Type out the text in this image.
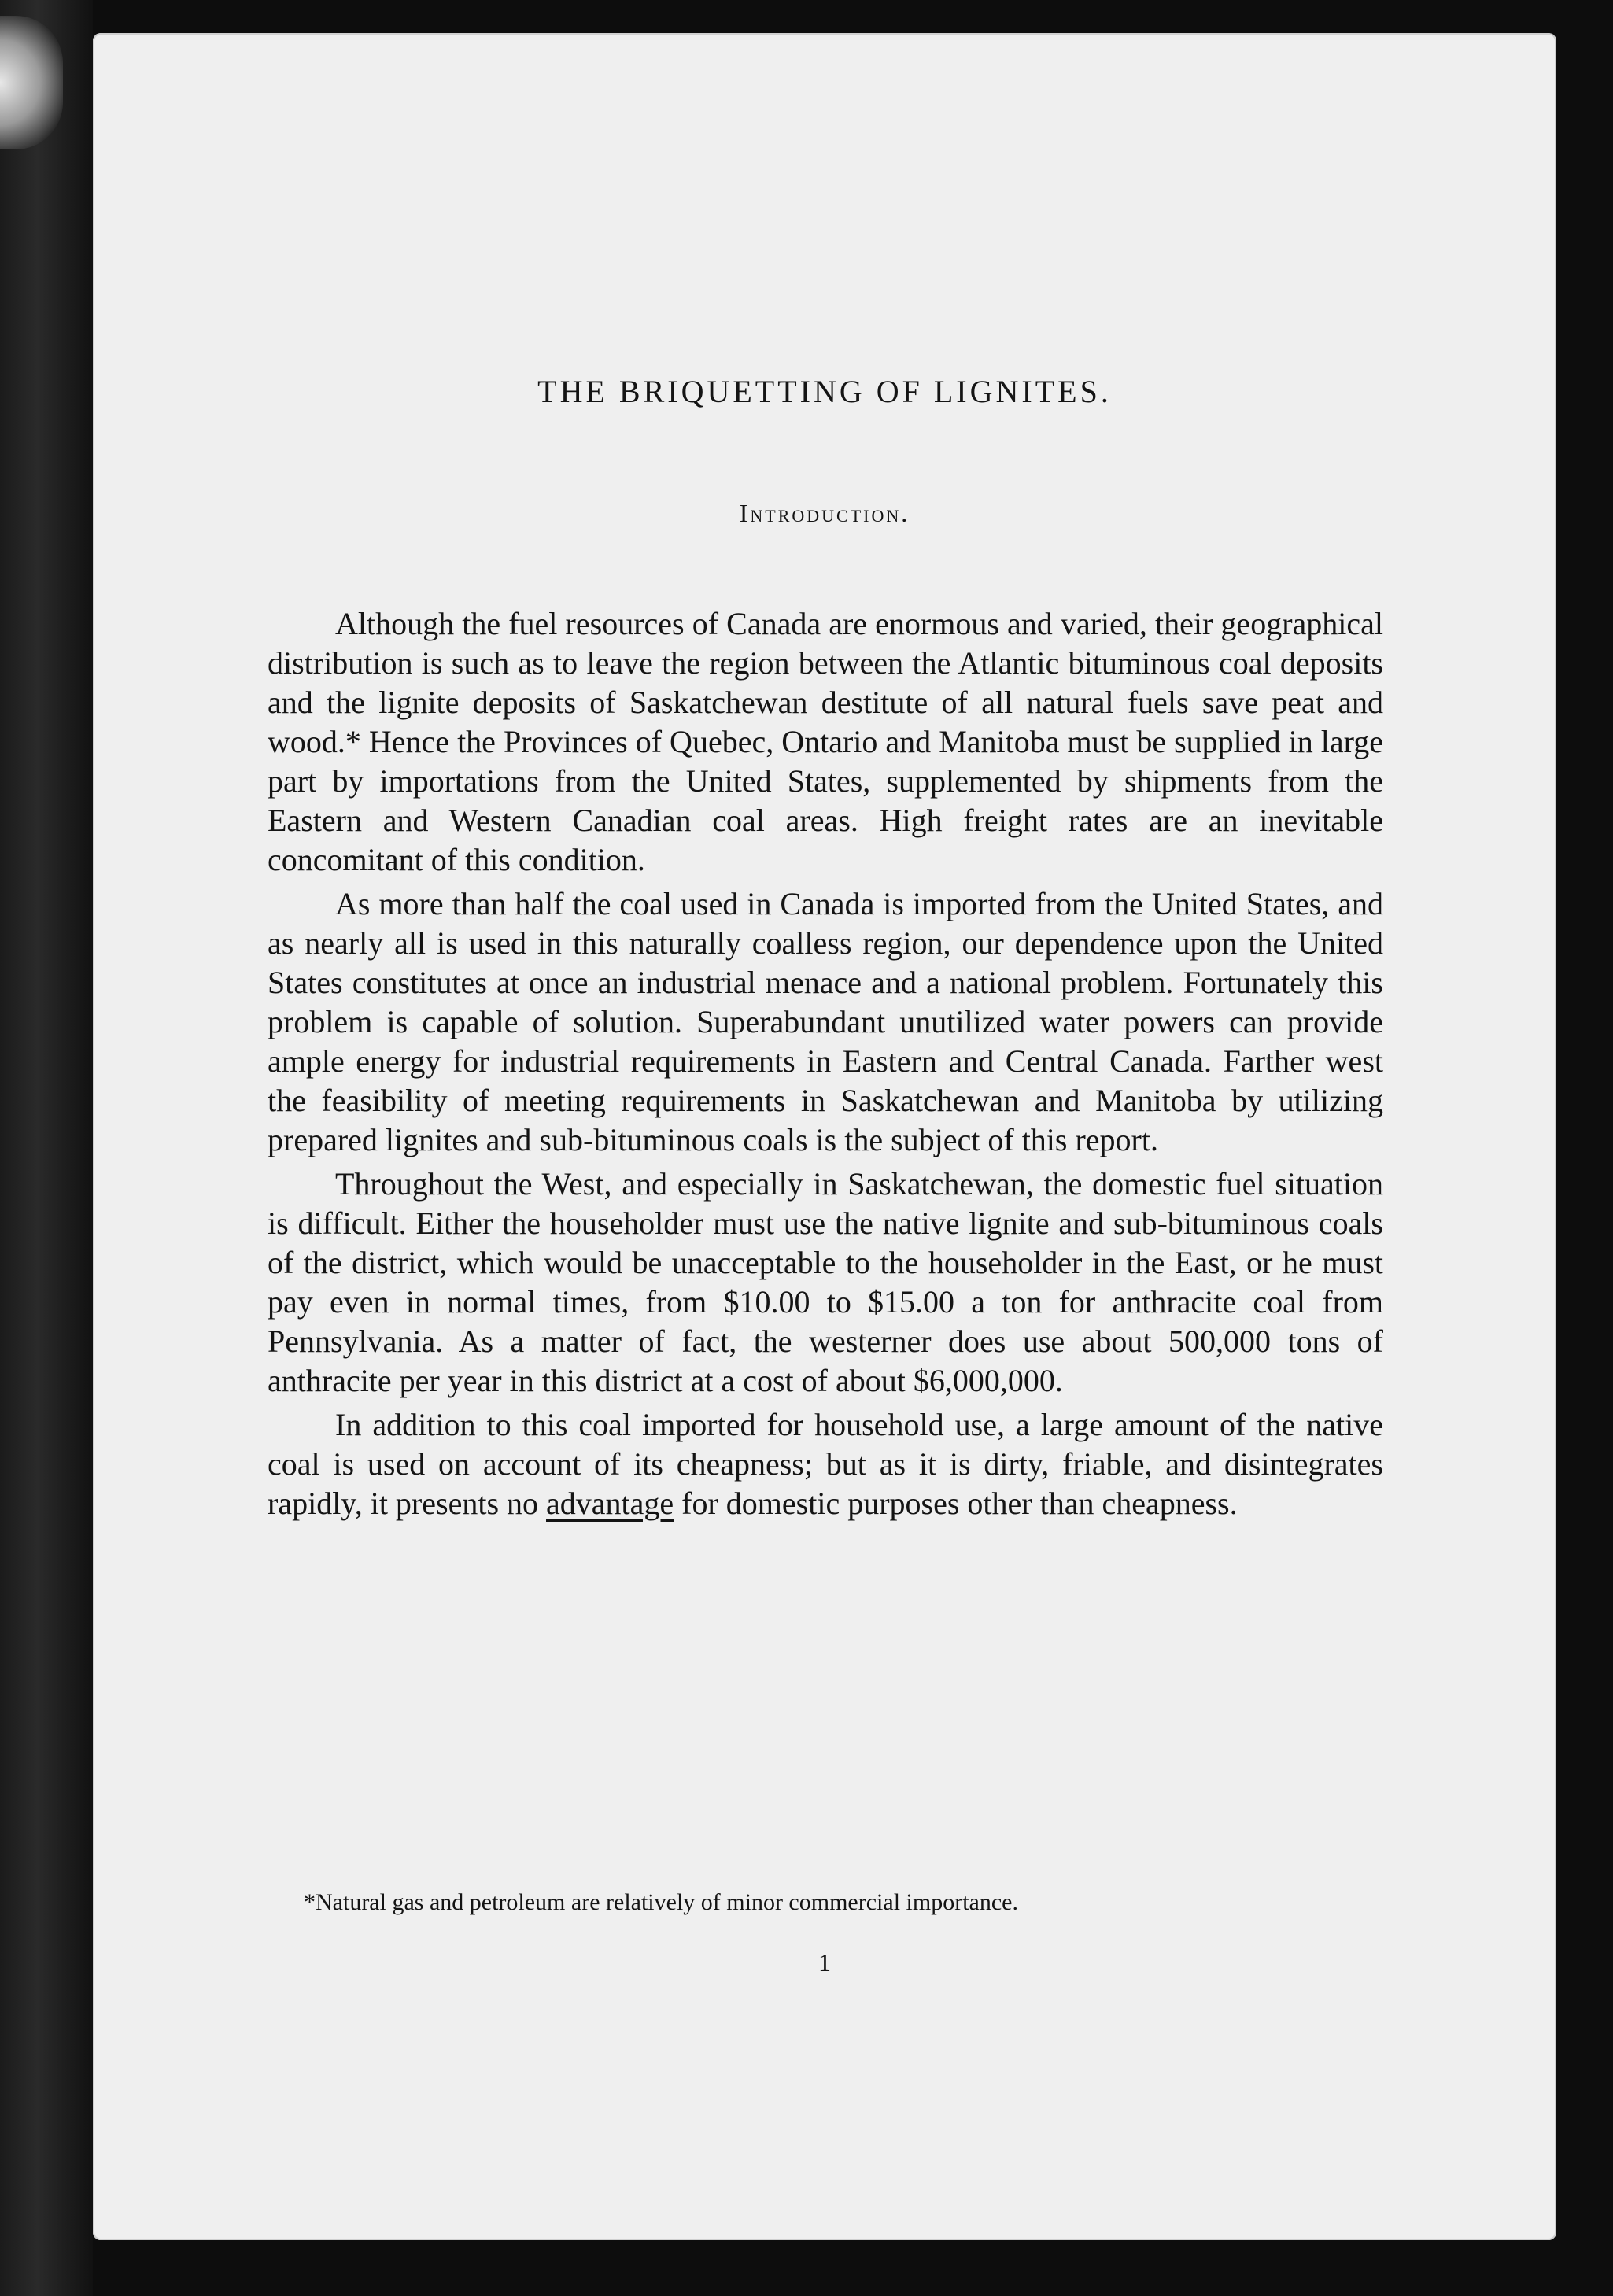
THE BRIQUETTING OF LIGNITES.
Introduction.

Although the fuel resources of Canada are enormous and varied, their geographical distribution is such as to leave the region between the Atlantic bituminous coal deposits and the lignite deposits of Saskatchewan destitute of all natural fuels save peat and wood.* Hence the Provinces of Quebec, Ontario and Manitoba must be supplied in large part by importations from the United States, supplemented by shipments from the Eastern and Western Canadian coal areas. High freight rates are an inevitable concomitant of this condition.

As more than half the coal used in Canada is imported from the United States, and as nearly all is used in this naturally coalless region, our dependence upon the United States constitutes at once an industrial menace and a national problem. Fortunately this problem is capable of solution. Superabundant unutilized water powers can provide ample energy for industrial requirements in Eastern and Central Canada. Farther west the feasibility of meeting requirements in Saskatchewan and Manitoba by utilizing prepared lignites and sub-bituminous coals is the subject of this report.

Throughout the West, and especially in Saskatchewan, the domestic fuel situation is difficult. Either the householder must use the native lignite and sub-bituminous coals of the district, which would be unacceptable to the householder in the East, or he must pay even in normal times, from $10.00 to $15.00 a ton for anthracite coal from Pennsylvania. As a matter of fact, the westerner does use about 500,000 tons of anthracite per year in this district at a cost of about $6,000,000.

In addition to this coal imported for household use, a large amount of the native coal is used on account of its cheapness; but as it is dirty, friable, and disintegrates rapidly, it presents no advantage for domestic purposes other than cheapness.

*Natural gas and petroleum are relatively of minor commercial importance.
1
